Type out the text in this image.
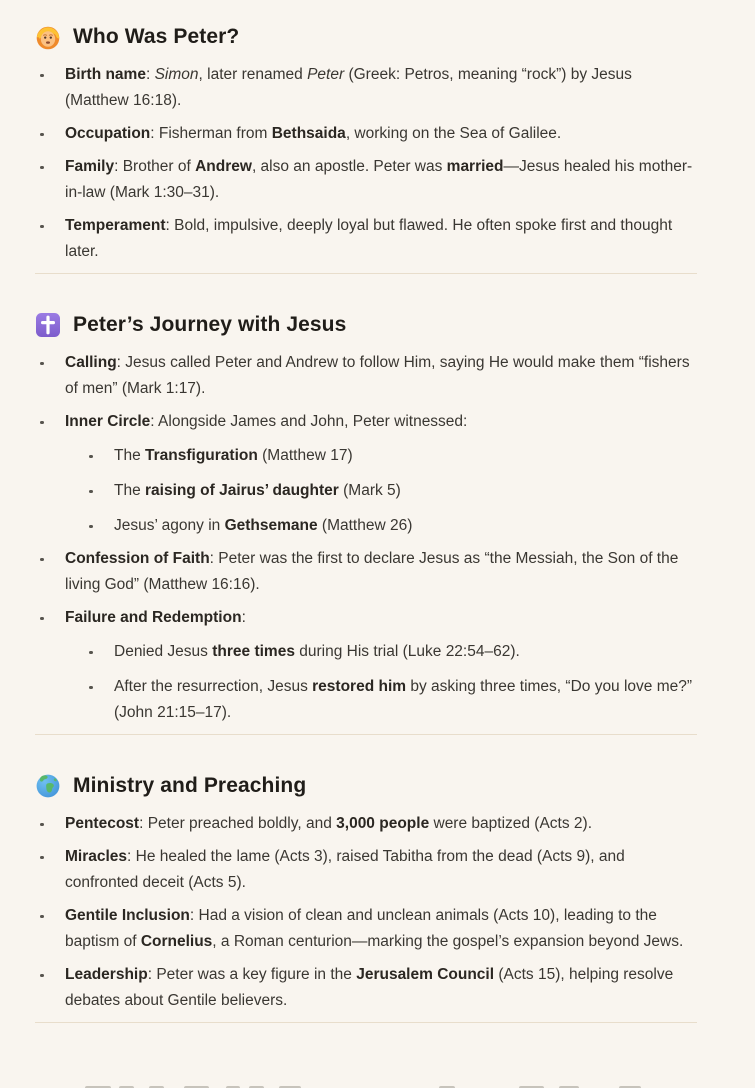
Who Was Peter?
Birth name: Simon, later renamed Peter (Greek: Petros, meaning “rock”) by Jesus (Matthew 16:18).
Occupation: Fisherman from Bethsaida, working on the Sea of Galilee.
Family: Brother of Andrew, also an apostle. Peter was married—Jesus healed his mother-in-law (Mark 1:30–31).
Temperament: Bold, impulsive, deeply loyal but flawed. He often spoke first and thought later.
Peter’s Journey with Jesus
Calling: Jesus called Peter and Andrew to follow Him, saying He would make them “fishers of men” (Mark 1:17).
Inner Circle: Alongside James and John, Peter witnessed:
The Transfiguration (Matthew 17)
The raising of Jairus’ daughter (Mark 5)
Jesus’ agony in Gethsemane (Matthew 26)
Confession of Faith: Peter was the first to declare Jesus as “the Messiah, the Son of the living God” (Matthew 16:16).
Failure and Redemption:
Denied Jesus three times during His trial (Luke 22:54–62).
After the resurrection, Jesus restored him by asking three times, “Do you love me?” (John 21:15–17).
Ministry and Preaching
Pentecost: Peter preached boldly, and 3,000 people were baptized (Acts 2).
Miracles: He healed the lame (Acts 3), raised Tabitha from the dead (Acts 9), and confronted deceit (Acts 5).
Gentile Inclusion: Had a vision of clean and unclean animals (Acts 10), leading to the baptism of Cornelius, a Roman centurion—marking the gospel’s expansion beyond Jews.
Leadership: Peter was a key figure in the Jerusalem Council (Acts 15), helping resolve debates about Gentile believers.
